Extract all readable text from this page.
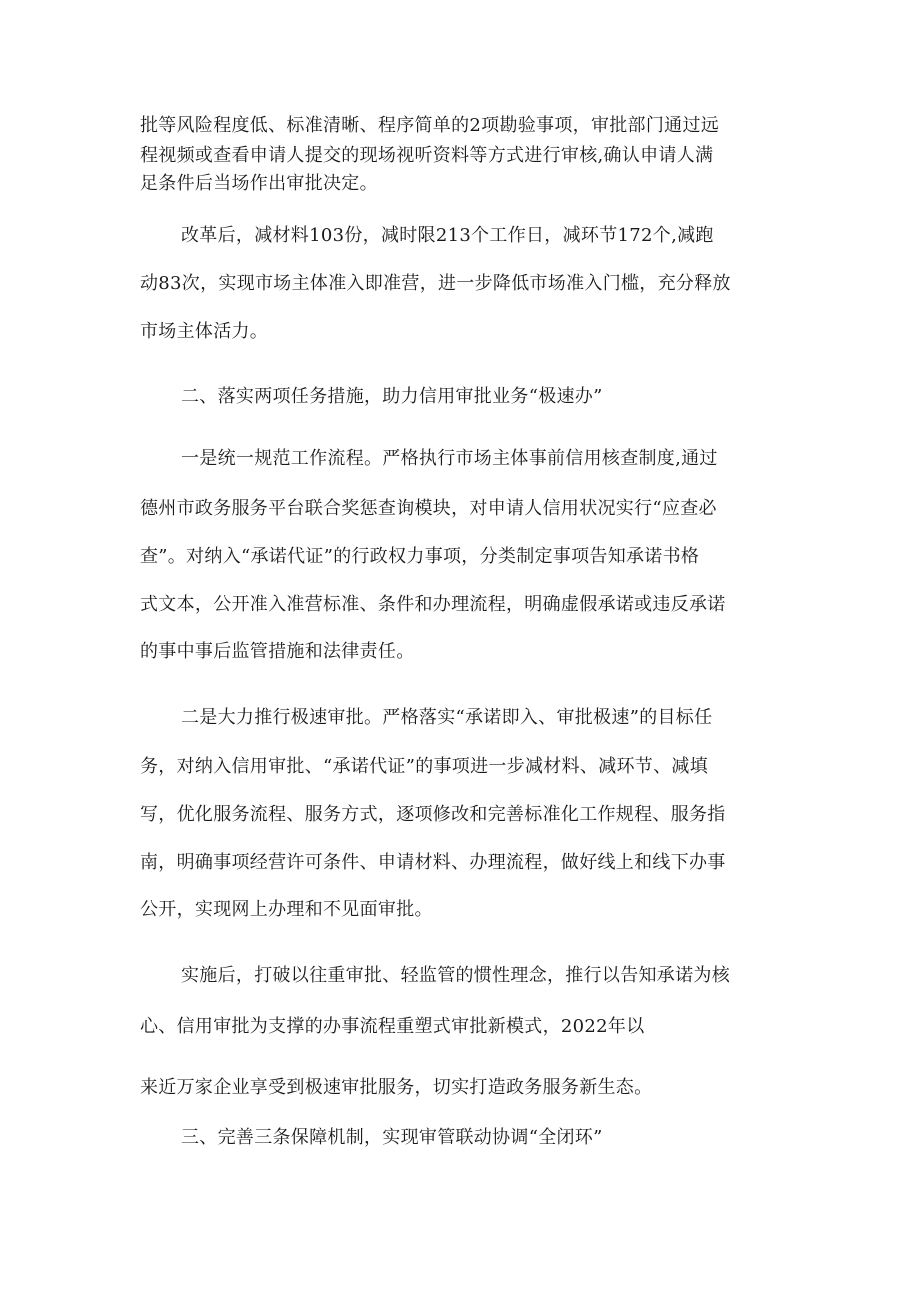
批等风险程度低、标准清晰、程序简单的2项勘验事项，审批部门通过远

程视频或查看申请人提交的现场视听资料等方式进行审核,确认申请人满

足条件后当场作出审批决定。

改革后，减材料103份，减时限213个工作日，减环节172个,减跑

动83次，实现市场主体准入即准营，进一步降低市场准入门槛，充分释放

市场主体活力。

二、落实两项任务措施，助力信用审批业务“极速办”

一是统一规范工作流程。严格执行市场主体事前信用核查制度,通过

德州市政务服务平台联合奖惩查询模块，对申请人信用状况实行“应查必

查”。对纳入“承诺代证”的行政权力事项，分类制定事项告知承诺书格

式文本，公开准入准营标准、条件和办理流程，明确虚假承诺或违反承诺

的事中事后监管措施和法律责任。

二是大力推行极速审批。严格落实“承诺即入、审批极速”的目标任

务，对纳入信用审批、“承诺代证”的事项进一步减材料、减环节、减填

写，优化服务流程、服务方式，逐项修改和完善标准化工作规程、服务指

南，明确事项经营许可条件、申请材料、办理流程，做好线上和线下办事

公开，实现网上办理和不见面审批。

实施后，打破以往重审批、轻监管的惯性理念，推行以告知承诺为核

心、信用审批为支撑的办事流程重塑式审批新模式，2022年以

来近万家企业享受到极速审批服务，切实打造政务服务新生态。

三、完善三条保障机制，实现审管联动协调“全闭环”
